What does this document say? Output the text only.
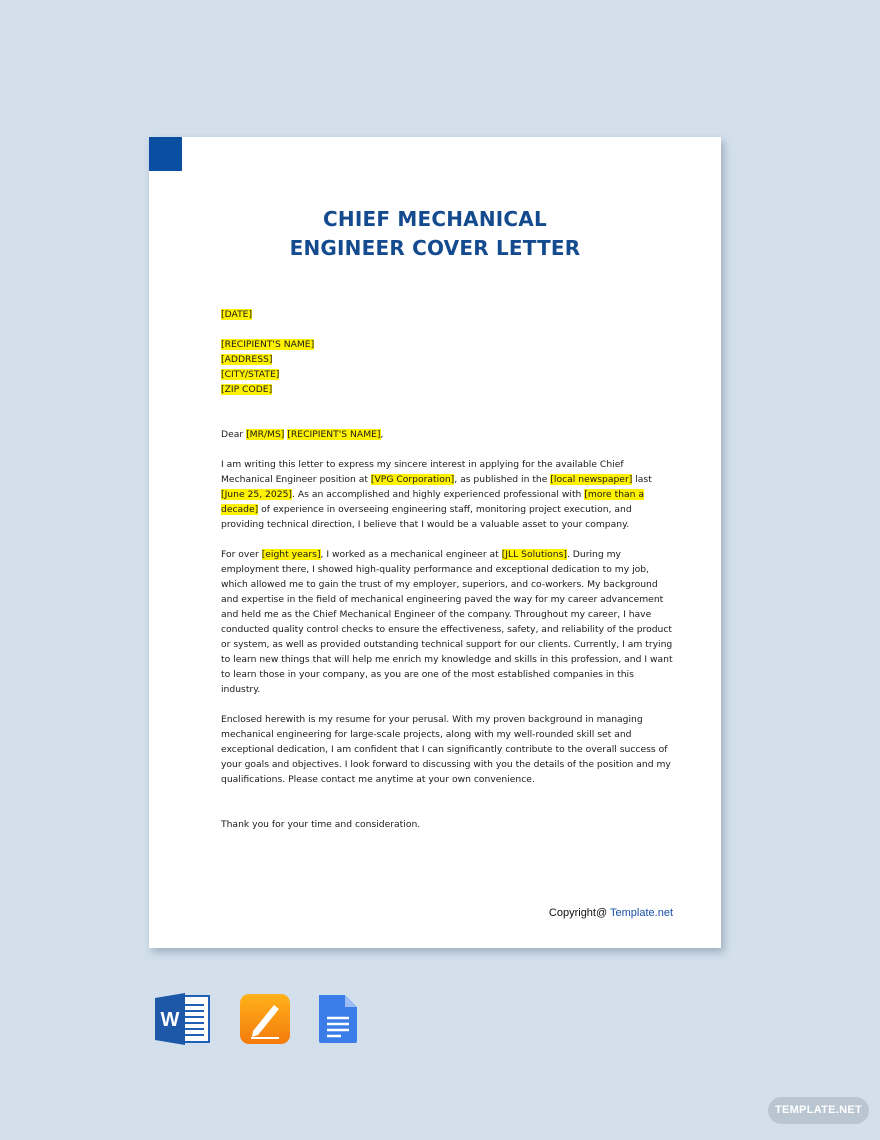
CHIEF MECHANICAL
ENGINEER COVER LETTER

[DATE]

[RECIPIENT'S NAME]
[ADDRESS]
[CITY/STATE]
[ZIP CODE]

Dear [MR/MS] [RECIPIENT'S NAME],

I am writing this letter to express my sincere interest in applying for the available Chief Mechanical Engineer position at [VPG Corporation], as published in the [local newspaper] last [June 25, 2025]. As an accomplished and highly experienced professional with [more than a decade] of experience in overseeing engineering staff, monitoring project execution, and providing technical direction, I believe that I would be a valuable asset to your company.

For over [eight years], I worked as a mechanical engineer at [JLL Solutions]. During my employment there, I showed high-quality performance and exceptional dedication to my job, which allowed me to gain the trust of my employer, superiors, and co-workers. My background and expertise in the field of mechanical engineering paved the way for my career advancement and held me as the Chief Mechanical Engineer of the company. Throughout my career, I have conducted quality control checks to ensure the effectiveness, safety, and reliability of the product or system, as well as provided outstanding technical support for our clients. Currently, I am trying to learn new things that will help me enrich my knowledge and skills in this profession, and I want to learn those in your company, as you are one of the most established companies in this industry.

Enclosed herewith is my resume for your perusal. With my proven background in managing mechanical engineering for large-scale projects, along with my well-rounded skill set and exceptional dedication, I am confident that I can significantly contribute to the overall success of your goals and objectives. I look forward to discussing with you the details of the position and my qualifications. Please contact me anytime at your own convenience.

Thank you for your time and consideration.

Copyright@ Template.net
W
TEMPLATE.NET
